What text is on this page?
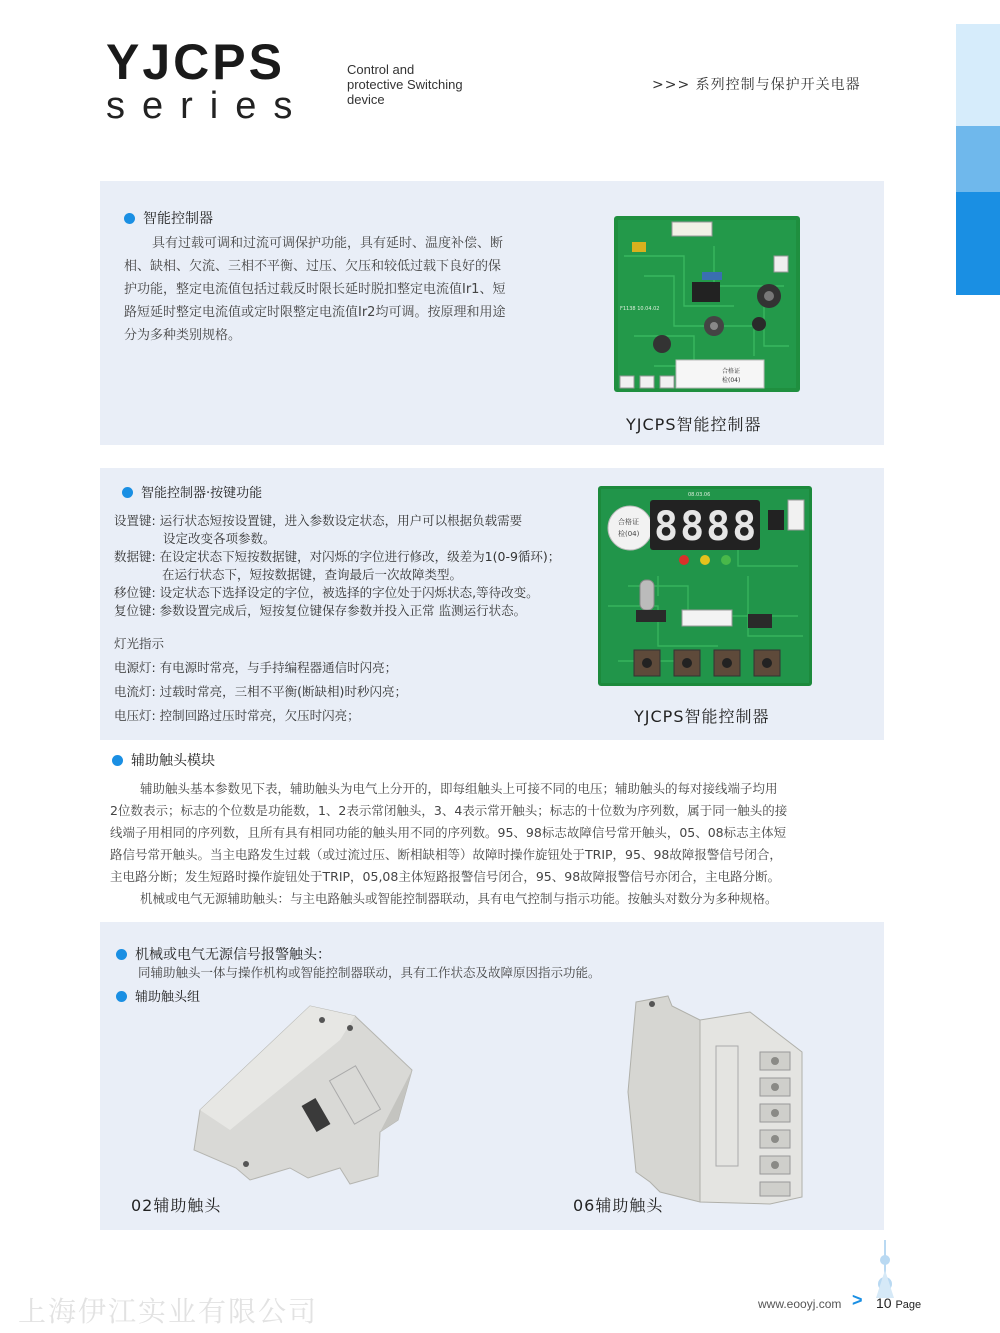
YJCPS
series
Control and
protective Switching
device
>>> 系列控制与保护开关电器
智能控制器
具有过载可调和过流可调保护功能，具有延时、温度补偿、断
相、缺相、欠流、三相不平衡、过压、欠压和较低过载下良好的保
护功能，整定电流值包括过载反时限长延时脱扣整定电流值Ir1、短
路短延时整定电流值或定时限整定电流值Ir2均可调。按原理和用途
分为多种类别规格。
F1138 10.04.02
合格证
检(04)
YJCPS智能控制器
智能控制器·按键功能
设置键: 运行状态短按设置键，进入参数设定状态，用户可以根据负载需要
设定改变各项参数。
数据键: 在设定状态下短按数据键，对闪烁的字位进行修改，级差为1(0-9循环)；
在运行状态下，短按数据键，查询最后一次故障类型。
移位键: 设定状态下选择设定的字位，被选择的字位处于闪烁状态,等待改变。
复位键: 参数设置完成后，短按复位键保存参数并投入正常 监测运行状态。
灯光指示
电源灯: 有电源时常亮，与手持编程器通信时闪亮；
电流灯: 过载时常亮，三相不平衡(断缺相)时秒闪亮；
电压灯: 控制回路过压时常亮，欠压时闪亮；
合格证
检(04) 8888
08.03.06
YJCPS智能控制器
辅助触头模块
辅助触头基本参数见下表，辅助触头为电气上分开的，即每组触头上可接不同的电压；辅助触头的每对接线端子均用
2位数表示；标志的个位数是功能数，1、2表示常闭触头，3、4表示常开触头；标志的十位数为序列数，属于同一触头的接
线端子用相同的序列数，且所有具有相同功能的触头用不同的序列数。95、98标志故障信号常开触头，05、08标志主体短
路信号常开触头。当主电路发生过载（或过流过压、断相缺相等）故障时操作旋钮处于TRIP，95、98故障报警信号闭合，
主电路分断；发生短路时操作旋钮处于TRIP，05,08主体短路报警信号闭合，95、98故障报警信号亦闭合，主电路分断。
机械或电气无源辅助触头：与主电路触头或智能控制器联动，具有电气控制与指示功能。按触头对数分为多种规格。
机械或电气无源信号报警触头：
同辅助触头一体与操作机构或智能控制器联动，具有工作状态及故障原因指示功能。
辅助触头组
02辅助触头	06辅助触头
上海伊江实业有限公司	www.eooyj.com > 10 Page
